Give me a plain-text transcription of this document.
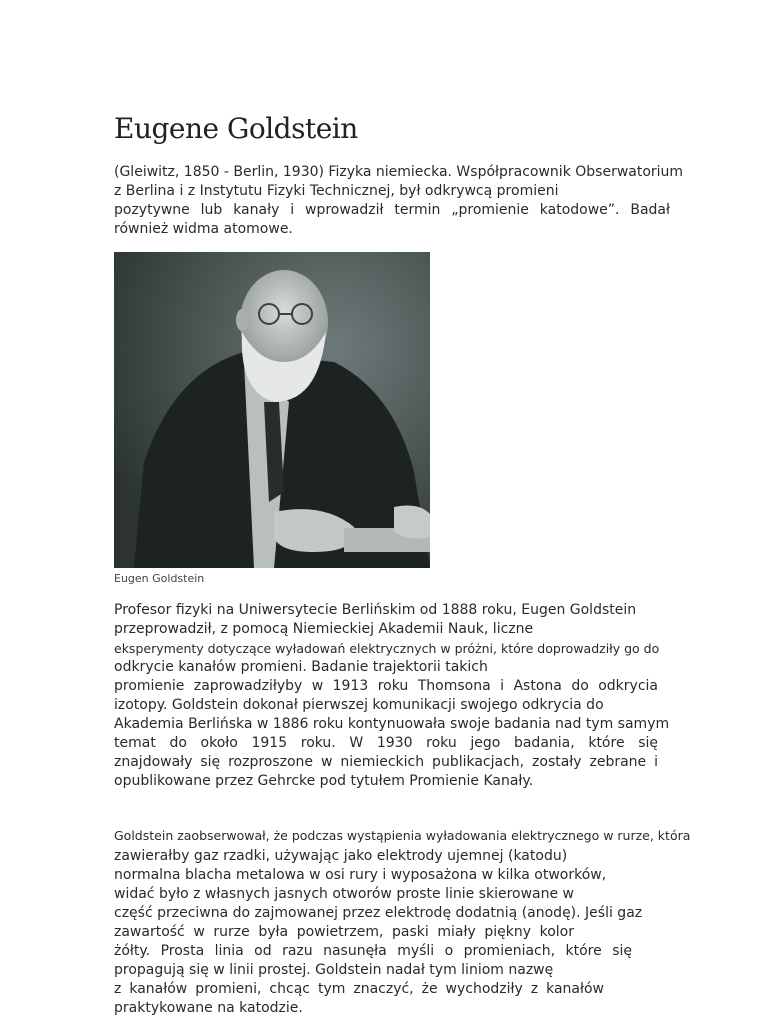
Eugene Goldstein

(Gleiwitz, 1850 - Berlin, 1930) Fizyka niemiecka. Współpracownik Obserwatorium
z Berlina i z Instytutu Fizyki Technicznej, był odkrywcą promieni
pozytywne lub kanały i wprowadził termin „promienie katodowe”. Badał
również widma atomowe.

Eugen Goldstein

Profesor fizyki na Uniwersytecie Berlińskim od 1888 roku, Eugen Goldstein
przeprowadził, z pomocą Niemieckiej Akademii Nauk, liczne
eksperymenty dotyczące wyładowań elektrycznych w próżni, które doprowadziły go do
odkrycie kanałów promieni. Badanie trajektorii takich
promienie zaprowadziłyby w 1913 roku Thomsona i Astona do odkrycia
izotopy. Goldstein dokonał pierwszej komunikacji swojego odkrycia do
Akademia Berlińska w 1886 roku kontynuowała swoje badania nad tym samym
temat do około 1915 roku. W 1930 roku jego badania, które się
znajdowały się rozproszone w niemieckich publikacjach, zostały zebrane i
opublikowane przez Gehrcke pod tytułem Promienie Kanały.

Goldstein zaobserwował, że podczas wystąpienia wyładowania elektrycznego w rurze, która
zawierałby gaz rzadki, używając jako elektrody ujemnej (katodu)
normalna blacha metalowa w osi rury i wyposażona w kilka otworków,
widać było z własnych jasnych otworów proste linie skierowane w
część przeciwna do zajmowanej przez elektrodę dodatnią (anodę). Jeśli gaz
zawartość w rurze była powietrzem, paski miały piękny kolor
żółty. Prosta linia od razu nasunęła myśli o promieniach, które się
propagują się w linii prostej. Goldstein nadał tym liniom nazwę
z kanałów promieni, chcąc tym znaczyć, że wychodziły z kanałów
praktykowane na katodzie.
